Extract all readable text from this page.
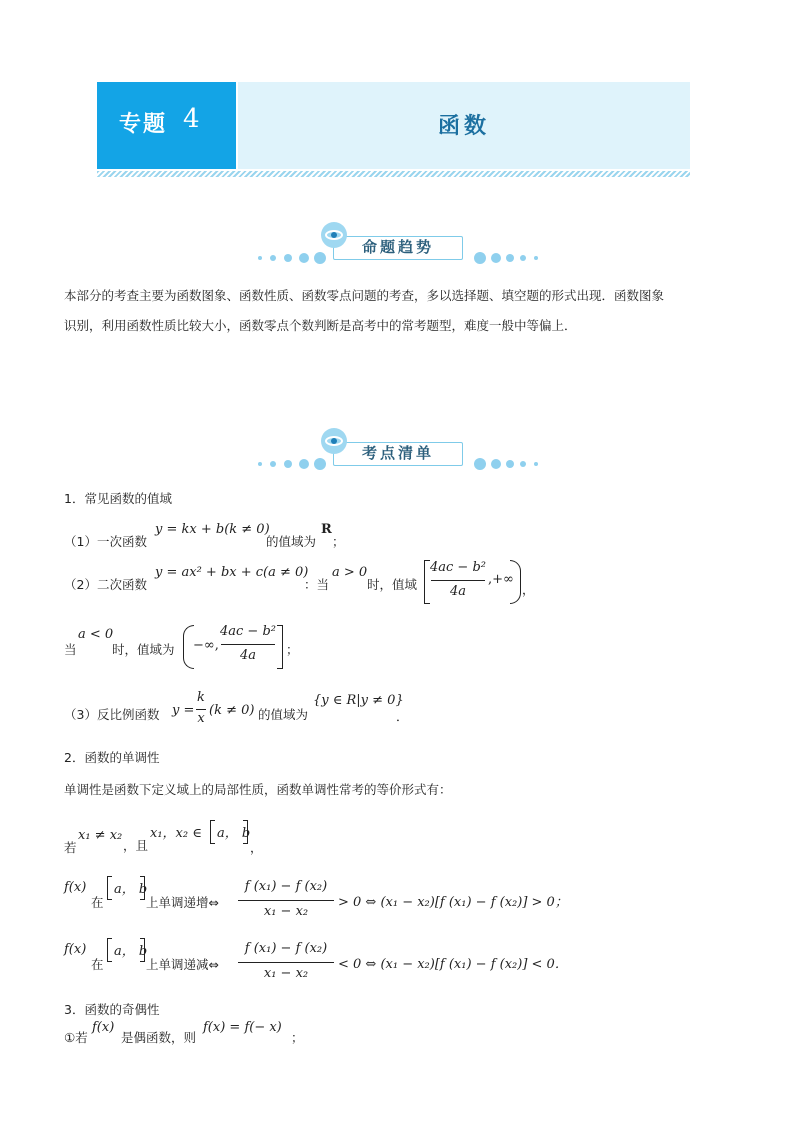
专题 4	函数
命题趋势
本部分的考查主要为函数图象、函数性质、函数零点问题的考查，多以选择题、填空题的形式出现．函数图象
识别，利用函数性质比较大小，函数零点个数判断是高考中的常考题型，难度一般中等偏上．
考点清单
1．常见函数的值域
（1）一次函数
y = kx + b(k ≠ 0)
的值域为
R
；
（2）二次函数
y = ax² + bx + c(a ≠ 0)
：当
a > 0
时，值域
4ac − b²
4a
,+∞
，
当
a < 0
时，值域为 −∞,
4ac − b²
4a	；
（3）反比例函数 y =
k
x
(k ≠ 0) 的值域为
{y ∈ R|y ≠ 0}
．
2．函数的单调性
单调性是函数下定义域上的局部性质，函数单调性常考的等价形式有：
若
x₁ ≠ x₂
，且
x₁，x₂ ∈ a， b
，
f(x)
在
a， b
上单调递增⇔
f (x₁) − f (x₂)
x₁ − x₂
> 0 ⇔ (x₁ − x₂)[f (x₁) − f (x₂)] > 0；
f(x)
在
a， b
上单调递减⇔
f (x₁) − f (x₂)
x₁ − x₂
< 0 ⇔ (x₁ − x₂)[f (x₁) − f (x₂)] < 0．
3．函数的奇偶性
①若
f(x)
是偶函数，则
f(x) = f(− x)
；
